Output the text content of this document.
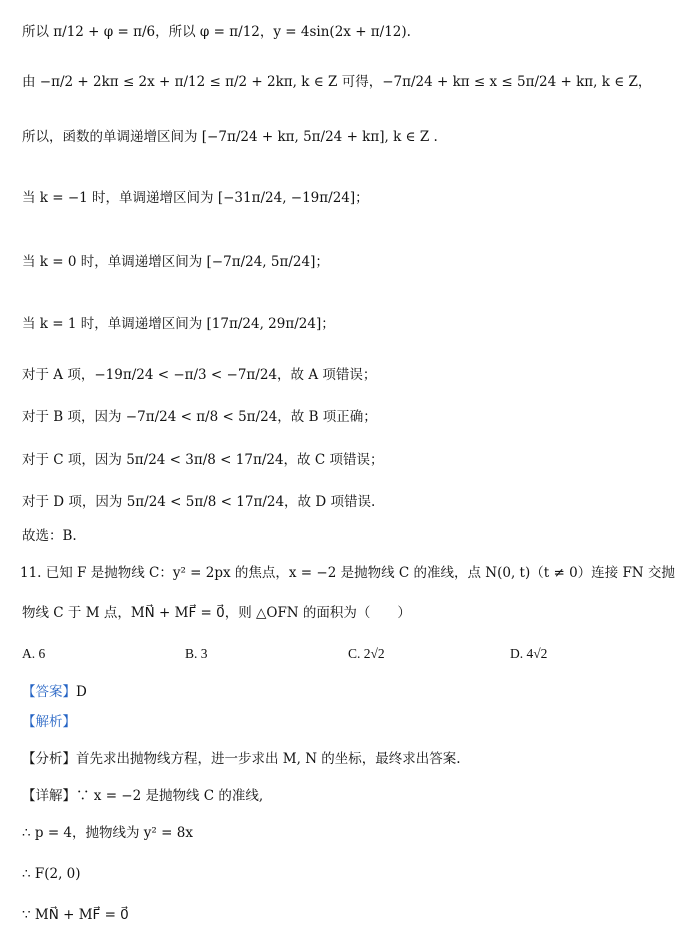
所以 π/12 + φ = π/6，所以 φ = π/12，y = 4sin(2x + π/12).
由 −π/2 + 2kπ ≤ 2x + π/12 ≤ π/2 + 2kπ, k ∈ Z 可得，−7π/24 + kπ ≤ x ≤ 5π/24 + kπ, k ∈ Z，
所以，函数的单调递增区间为 [−7π/24 + kπ, 5π/24 + kπ], k ∈ Z .
当 k = −1 时，单调递增区间为 [−31π/24, −19π/24]；
当 k = 0 时，单调递增区间为 [−7π/24, 5π/24]；
当 k = 1 时，单调递增区间为 [17π/24, 29π/24]；
对于 A 项，−19π/24 < −π/3 < −7π/24，故 A 项错误；
对于 B 项，因为 −7π/24 < π/8 < 5π/24，故 B 项正确；
对于 C 项，因为 5π/24 < 3π/8 < 17π/24，故 C 项错误；
对于 D 项，因为 5π/24 < 5π/8 < 17π/24，故 D 项错误.
故选：B.
11. 已知 F 是抛物线 C：y² = 2px 的焦点，x = −2 是抛物线 C 的准线，点 N(0, t)（t ≠ 0）连接 FN 交抛
物线 C 于 M 点，MN⃗ + MF⃗ = 0⃗，则 △OFN 的面积为（　　）
A. 6	B. 3	C. 2√2	D. 4√2
【答案】D
【解析】
【分析】首先求出抛物线方程，进一步求出 M, N 的坐标，最终求出答案.
【详解】∵ x = −2 是抛物线 C 的准线,
∴ p = 4，抛物线为 y² = 8x
∴ F(2, 0)
∵ MN⃗ + MF⃗ = 0⃗
